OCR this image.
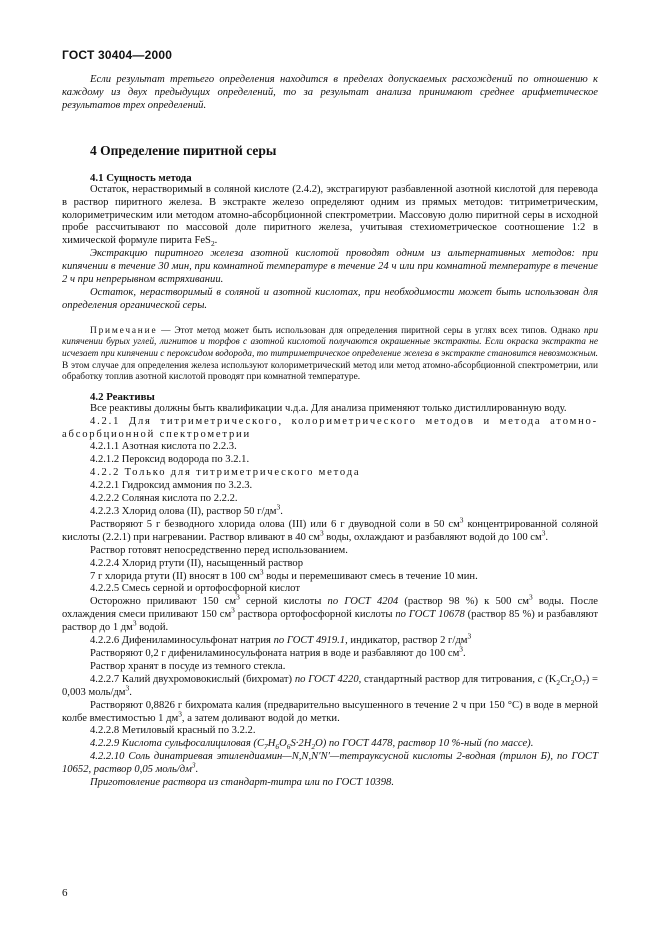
ГОСТ 30404—2000

Если результат третьего определения находится в пределах допускаемых расхождений по отношению к каждому из двух предыдущих определений, то за результат анализа принимают среднее арифметическое результатов трех определений.

4 Определение пиритной серы
4.1 Сущность метода

Остаток, нерастворимый в соляной кислоте (2.4.2), экстрагируют разбавленной азотной кислотой для перевода в раствор пиритного железа. В экстракте железо определяют одним из прямых методов: титриметрическим, колориметрическим или методом атомно-абсорбционной спектрометрии. Массовую долю пиритной серы в исходной пробе рассчитывают по массовой доле пиритного железа, учитывая стехиометрическое соотношение 1:2 в химической формуле пирита FeS$_2$.

Экстракцию пиритного железа азотной кислотой проводят одним из альтернативных методов: при кипячении в течение 30 мин, при комнатной температуре в течение 24 ч или при комнатной температуре в течение 2 ч при непрерывном встряхивании.

Остаток, нерастворимый в соляной и азотной кислотах, при необходимости может быть использован для определения органической серы.

Примечание — Этот метод может быть использован для определения пиритной серы в углях всех типов. Однако при кипячении бурых углей, лигнитов и торфов с азотной кислотой получаются окрашенные экстракты. Если окраска экстракта не исчезает при кипячении с пероксидом водорода, то титриметрическое определение железа в экстракте становится невозможным. В этом случае для определения железа используют колориметрический метод или метод атомно-абсорбционной спектрометрии, или обработку топлив азотной кислотой проводят при комнатной температуре.

4.2 Реактивы

Все реактивы должны быть квалификации ч.д.а. Для анализа применяют только дистиллированную воду.

4.2.1 Для титриметрического, колориметрического методов и метода атомно-абсорбционной спектрометрии

4.2.1.1 Азотная кислота по 2.2.3.

4.2.1.2 Пероксид водорода по 3.2.1.

4.2.2 Только для титриметрического метода

4.2.2.1 Гидроксид аммония по 3.2.3.

4.2.2.2 Соляная кислота по 2.2.2.

4.2.2.3 Хлорид олова (II), раствор 50 $г/дм^3$.

Растворяют 5 г безводного хлорида олова (III) или 6 г двуводной соли в 50 $см^3$ концентрированной соляной кислоты (2.2.1) при нагревании. Раствор вливают в 40 $см^3$ воды, охлаждают и разбавляют водой до 100 $см^3$.

Раствор готовят непосредственно перед использованием.

4.2.2.4 Хлорид ртути (II), насыщенный раствор

7 г хлорида ртути (II) вносят в 100 $см^3$ воды и перемешивают смесь в течение 10 мин.

4.2.2.5 Смесь серной и ортофосфорной кислот

Осторожно приливают 150 $см^3$ серной кислоты по ГОСТ 4204 (раствор 98 %) к 500 $см^3$ воды. После охлаждения смеси приливают 150 $см^3$ раствора ортофосфорной кислоты по ГОСТ 10678 (раствор 85 %) и разбавляют раствор до 1 $дм^3$ водой.

4.2.2.6 Дифениламиносульфонат натрия по ГОСТ 4919.1, индикатор, раствор 2 $г/дм^3$

Растворяют 0,2 г дифениламиносульфоната натрия в воде и разбавляют до 100 $см^3$.

Раствор хранят в посуде из темного стекла.

4.2.2.7 Калий двухромовокислый (бихромат) по ГОСТ 4220, стандартный раствор для титрования, c $(K_2Cr_2O_7) = 0,003$ моль/$дм^3$.

Растворяют 0,8826 г бихромата калия (предварительно высушенного в течение 2 ч при 150 °С) в воде в мерной колбе вместимостью 1 $дм^3$, а затем доливают водой до метки.

4.2.2.8 Метиловый красный по 3.2.2.

4.2.2.9 Кислота сульфосалициловая $(C_7H_6O_6S\cdot 2H_2O)$ по ГОСТ 4478, раствор 10 %-ный (по массе).

4.2.2.10 Соль динатриевая этилендиамин—N,N,N′N′—тетрауксусной кислоты 2-водная (трилон Б), по ГОСТ 10652, раствор 0,05 моль/$дм^3$.

Приготовление раствора из стандарт-титра или по ГОСТ 10398.

6
